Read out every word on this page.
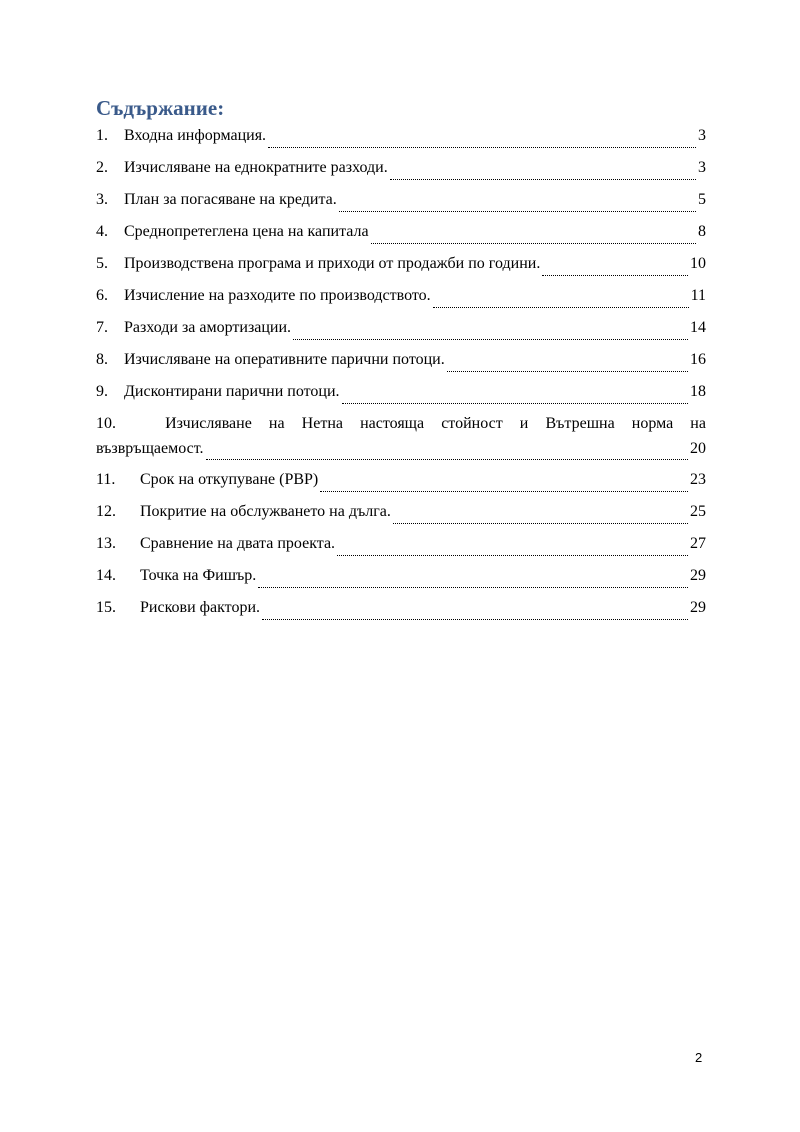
Съдържание:
1.	Входна информация.	3
2.	Изчисляване на еднократните разходи.	3
3.	План за погасяване на кредита.	5
4.	Среднопретеглена цена на капитала	8
5.	Производствена програма и приходи от продажби по години.	10
6.	Изчисление на разходите по производството.	11
7.	Разходи за амортизации.	14
8.	Изчисляване на оперативните парични потоци.	16
9.	Дисконтирани парични потоци.	18
10.	Изчисляване на Нетна настояща стойност и Вътрешна норма на
възвръщаемост.	20
11.	Срок на откупуване (PBP)	23
12.	Покритие на обслужването на дълга.	25
13.	Сравнение на двата проекта.	27
14.	Точка на Фишър.	29
15.	Рискови фактори.	29

2
